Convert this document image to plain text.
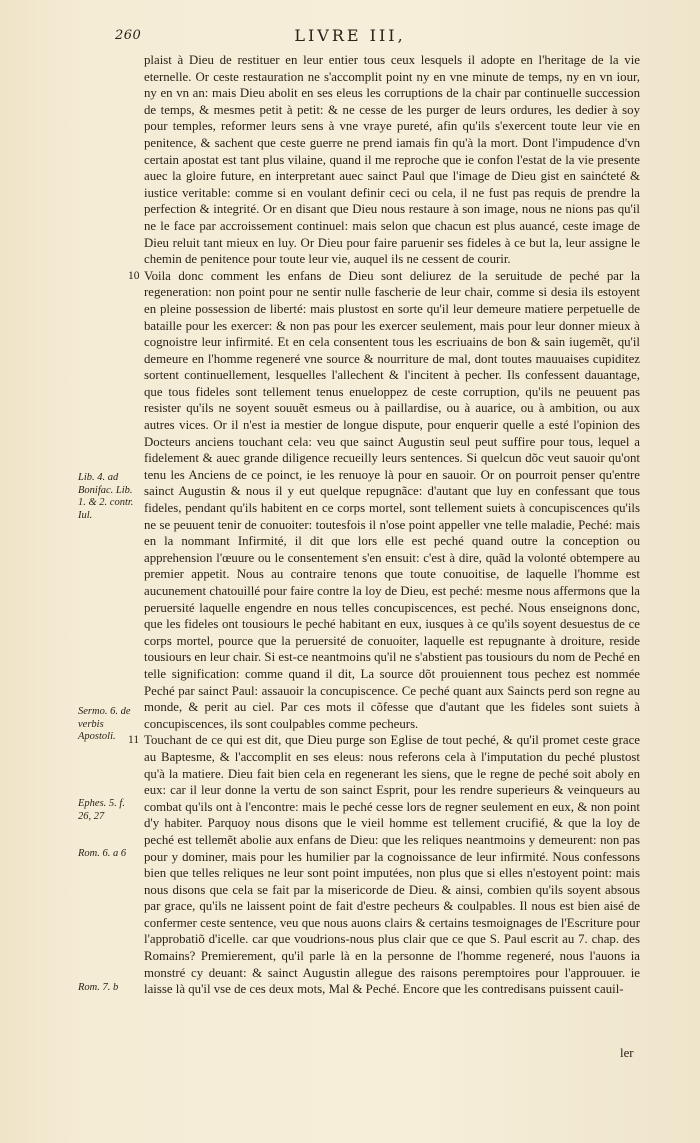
260	LIVRE III,

plaist à Dieu de restituer en leur entier tous ceux lesquels il adopte en l'heritage de la vie eternelle. Or ceste restauration ne s'accomplit point ny en vne minute de temps, ny en vn iour, ny en vn an: mais Dieu abolit en ses eleus les corruptions de la chair par continuelle succession de temps, & mesmes petit à petit: & ne cesse de les purger de leurs ordures, les dedier à soy pour temples, reformer leurs sens à vne vraye pureté, afin qu'ils s'exercent toute leur vie en penitence, & sachent que ceste guerre ne prend iamais fin qu'à la mort. Dont l'impudence d'vn certain apostat est tant plus vilaine, quand il me reproche que ie confon l'estat de la vie presente auec la gloire future, en interpretant auec sainct Paul que l'image de Dieu gist en sainćteté & iustice veritable: comme si en voulant definir ceci ou cela, il ne fust pas requis de prendre la perfection & integrité. Or en disant que Dieu nous restaure à son image, nous ne nions pas qu'il ne le face par accroissement continuel: mais selon que chacun est plus auancé, ceste image de Dieu reluit tant mieux en luy. Or Dieu pour faire paruenir ses fideles à ce but la, leur assigne le chemin de penitence pour toute leur vie, auquel ils ne cessent de courir.

10 Voila donc comment les enfans de Dieu sont deliurez de la seruitude de peché par la regeneration: non point pour ne sentir nulle fascherie de leur chair, comme si desia ils estoyent en pleine possession de liberté: mais plustost en sorte qu'il leur demeure matiere perpetuelle de bataille pour les exercer: & non pas pour les exercer seulement, mais pour leur donner mieux à cognoistre leur infirmité. Et en cela consentent tous les escriuains de bon & sain iugemẽt, qu'il demeure en l'homme regeneré vne source & nourriture de mal, dont toutes mauuaises cupiditez sortent continuellement, lesquelles l'allechent & l'incitent à pecher. Ils confessent dauantage, que tous fideles sont tellement tenus enueloppez de ceste corruption, qu'ils ne peuuent pas resister qu'ils ne soyent souuẽt esmeus ou à paillardise, ou à auarice, ou à ambition, ou aux autres vices. Or il n'est ia mestier de longue dispute, pour enquerir quelle a esté l'opinion des Docteurs anciens touchant cela: veu que sainct Augustin seul peut suffire pour tous, lequel a fidelement & auec grande diligence recueilly leurs sentences. Si quelcun dõc veut sauoir qu'ont tenu les Anciens de ce poinct, ie les renuoye là pour en sauoir. Or on pourroit penser qu'entre sainct Augustin & nous il y eut quelque repugnãce: d'autant que luy en confessant que tous fideles, pendant qu'ils habitent en ce corps mortel, sont tellement suiets à concupiscences qu'ils ne se peuuent tenir de conuoiter: toutesfois il n'ose point appeller vne telle maladie, Peché: mais en la nommant Infirmité, il dit que lors elle est peché quand outre la conception ou apprehension l'œuure ou le consentement s'en ensuit: c'est à dire, quãd la volonté obtempere au premier appetit. Nous au contraire tenons que toute conuoitise, de laquelle l'homme est aucunement chatouillé pour faire contre la loy de Dieu, est peché: mesme nous affermons que la peruersité laquelle engendre en nous telles concupiscences, est peché. Nous enseignons donc, que les fideles ont tousiours le peché habitant en eux, iusques à ce qu'ils soyent desuestus de ce corps mortel, pource que la peruersité de conuoiter, laquelle est repugnante à droiture, reside tousiours en leur chair. Si est-ce neantmoins qu'il ne s'abstient pas tousiours du nom de Peché en telle signification: comme quand il dit, La source dõt prouiennent tous pechez est nommée Peché par sainct Paul: assauoir la concupiscence. Ce peché quant aux Saincts perd son regne au monde, & perit au ciel. Par ces mots il cõfesse que d'autant que les fideles sont suiets à concupiscences, ils sont coulpables comme pecheurs.

11 Touchant de ce qui est dit, que Dieu purge son Eglise de tout peché, & qu'il promet ceste grace au Baptesme, & l'accomplit en ses eleus: nous referons cela à l'imputation du peché plustost qu'à la matiere. Dieu fait bien cela en regenerant les siens, que le regne de peché soit aboly en eux: car il leur donne la vertu de son sainct Esprit, pour les rendre superieurs & veinqueurs au combat qu'ils ont à l'encontre: mais le peché cesse lors de regner seulement en eux, & non point d'y habiter. Parquoy nous disons que le vieil homme est tellement crucifié, & que la loy de peché est tellemẽt abolie aux enfans de Dieu: que les reliques neantmoins y demeurent: non pas pour y dominer, mais pour les humilier par la cognoissance de leur infirmité. Nous confessons bien que telles reliques ne leur sont point imputées, non plus que si elles n'estoyent point: mais nous disons que cela se fait par la misericorde de Dieu. & ainsi, combien qu'ils soyent absous par grace, qu'ils ne laissent point de fait d'estre pecheurs & coulpables. Il nous est bien aisé de confermer ceste sentence, veu que nous auons clairs & certains tesmoignages de l'Escriture pour l'approbatiõ d'icelle. car que voudrions-nous plus clair que ce que S. Paul escrit au 7. chap. des Romains? Premierement, qu'il parle là en la personne de l'homme regeneré, nous l'auons ia monstré cy deuant: & sainct Augustin allegue des raisons peremptoires pour l'approuuer. ie laisse là qu'il vse de ces deux mots, Mal & Peché. Encore que les contredisans puissent cauil-

Lib. 4. ad Bonifac. Lib. 1. & 2. contr. Iul.
Sermo. 6. de verbis Apostoli.
Ephes. 5. f. 26, 27
Rom. 6. a 6
Rom. 7. b
ler
